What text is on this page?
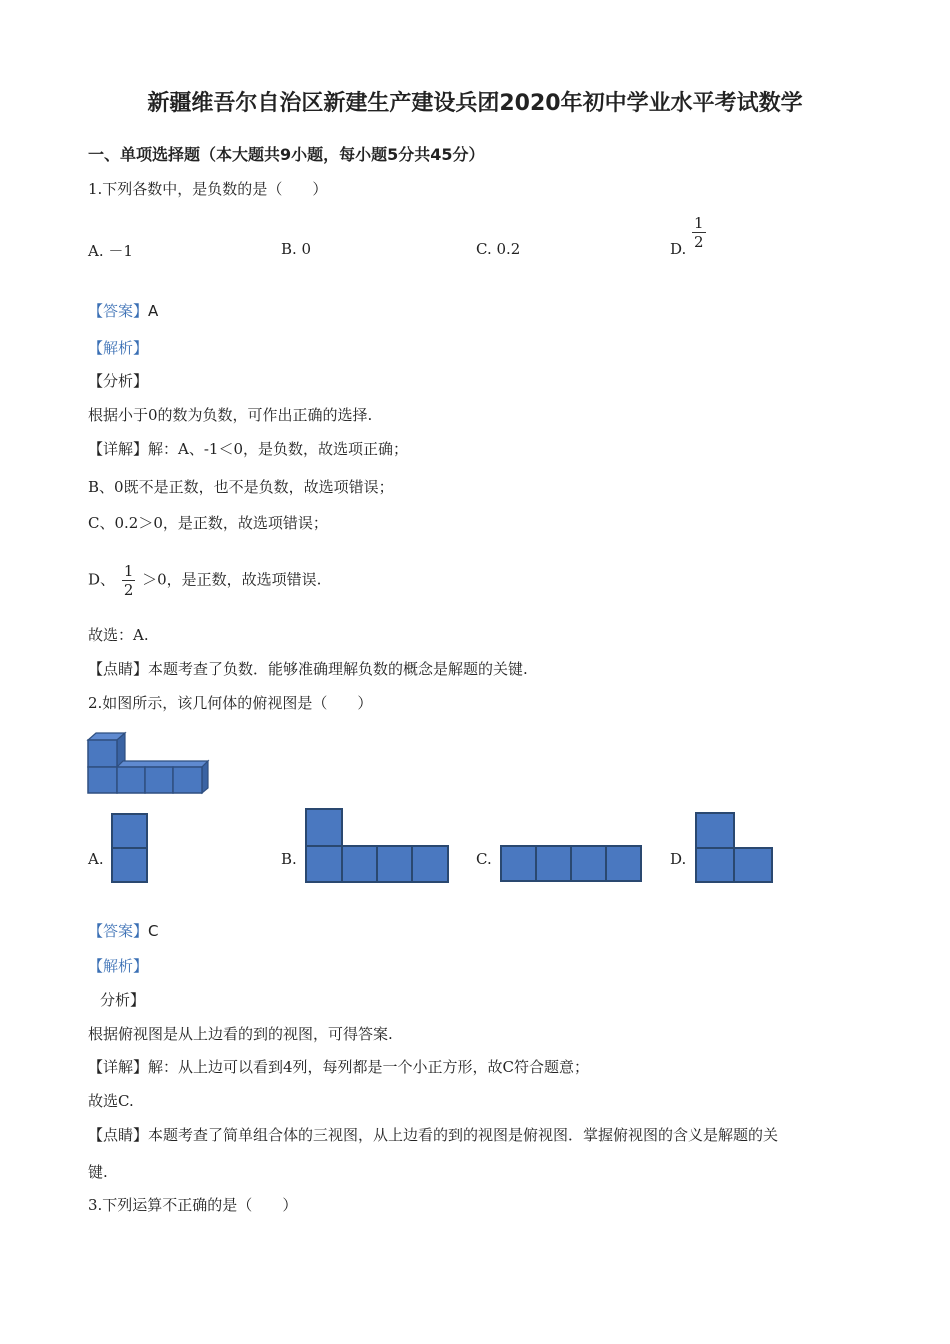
新疆维吾尔自治区新建生产建设兵团2020年初中学业水平考试数学
一、单项选择题（本大题共9小题，每小题5分共45分）
1.下列各数中，是负数的是（　　）
A. －1	B. 0	C. 0.2	D. $\frac{1}{2}$
【答案】A
【解析】
【分析】
根据小于0的数为负数，可作出正确的选择.
【详解】解：A、-1＜0，是负数，故选项正确；
B、0既不是正数，也不是负数，故选项错误；
C、0.2＞0，是正数，故选项错误；
D、 $\frac{1}{2} >0$，是正数，故选项错误.
故选：A.
【点睛】本题考查了负数．能够准确理解负数的概念是解题的关键.
2.如图所示，该几何体的俯视图是（　　）
A.	B.	C.	D.
【答案】C
【解析】
分析】
根据俯视图是从上边看的到的视图，可得答案.
【详解】解：从上边可以看到4列，每列都是一个小正方形，故C符合题意；
故选C.
【点睛】本题考查了简单组合体的三视图，从上边看的到的视图是俯视图．掌握俯视图的含义是解题的关
键.
3.下列运算不正确的是（　　）
